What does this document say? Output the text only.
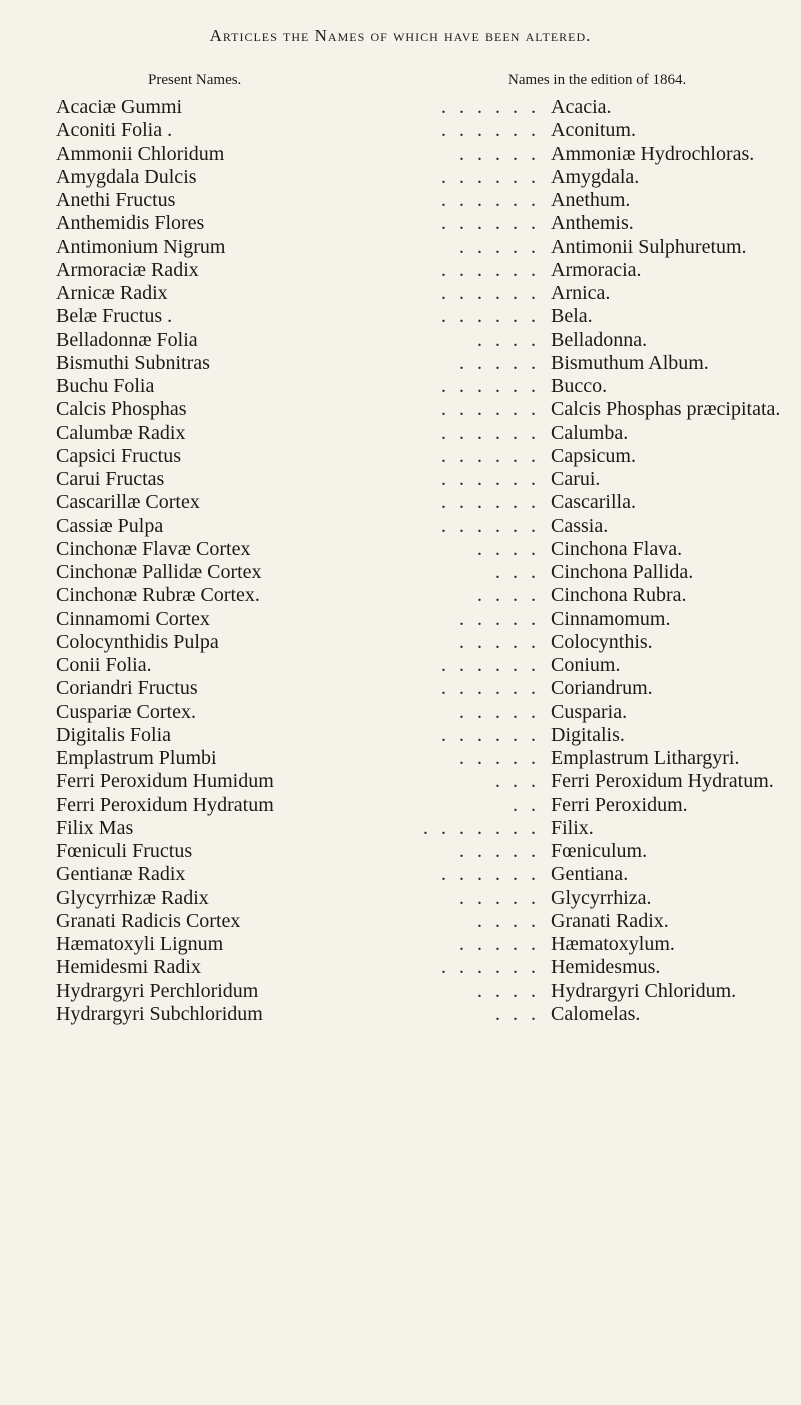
Articles the Names of which have been altered.
Present Names.	Names in the edition of 1864.
Acaciæ Gummi	. . . . . . Acacia.
Aconiti Folia .	. . . . . . Aconitum.
Ammonii Chloridum	. . . . . Ammoniæ Hydrochloras.
Amygdala Dulcis	. . . . . . Amygdala.
Anethi Fructus	. . . . . . Anethum.
Anthemidis Flores	. . . . . . Anthemis.
Antimonium Nigrum	. . . . . Antimonii Sulphuretum.
Armoraciæ Radix	. . . . . . Armoracia.
Arnicæ Radix	. . . . . . Arnica.
Belæ Fructus .	. . . . . . Bela.
Belladonnæ Folia	. . . . Belladonna.
Bismuthi Subnitras	. . . . . Bismuthum Album.
Buchu Folia	. . . . . . Bucco.
Calcis Phosphas	. . . . . . Calcis Phosphas præcipitata.
Calumbæ Radix	. . . . . . Calumba.
Capsici Fructus	. . . . . . Capsicum.
Carui Fructas	. . . . . . Carui.
Cascarillæ Cortex	. . . . . . Cascarilla.
Cassiæ Pulpa	. . . . . . Cassia.
Cinchonæ Flavæ Cortex	. . . . Cinchona Flava.
Cinchonæ Pallidæ Cortex	. . . Cinchona Pallida.
Cinchonæ Rubræ Cortex.	. . . . Cinchona Rubra.
Cinnamomi Cortex	. . . . . Cinnamomum.
Colocynthidis Pulpa	. . . . . Colocynthis.
Conii Folia.	. . . . . . Conium.
Coriandri Fructus	. . . . . . Coriandrum.
Cuspariæ Cortex.	. . . . . Cusparia.
Digitalis Folia	. . . . . . Digitalis.
Emplastrum Plumbi	. . . . . Emplastrum Lithargyri.
Ferri Peroxidum Humidum	. . . Ferri Peroxidum Hydratum.
Ferri Peroxidum Hydratum	. . Ferri Peroxidum.
Filix Mas	. . . . . . . Filix.
Fœniculi Fructus	. . . . . Fœniculum.
Gentianæ Radix	. . . . . . Gentiana.
Glycyrrhizæ Radix	. . . . . Glycyrrhiza.
Granati Radicis Cortex	. . . . Granati Radix.
Hæmatoxyli Lignum	. . . . . Hæmatoxylum.
Hemidesmi Radix	. . . . . . Hemidesmus.
Hydrargyri Perchloridum	. . . . Hydrargyri Chloridum.
Hydrargyri Subchloridum	. . . Calomelas.
